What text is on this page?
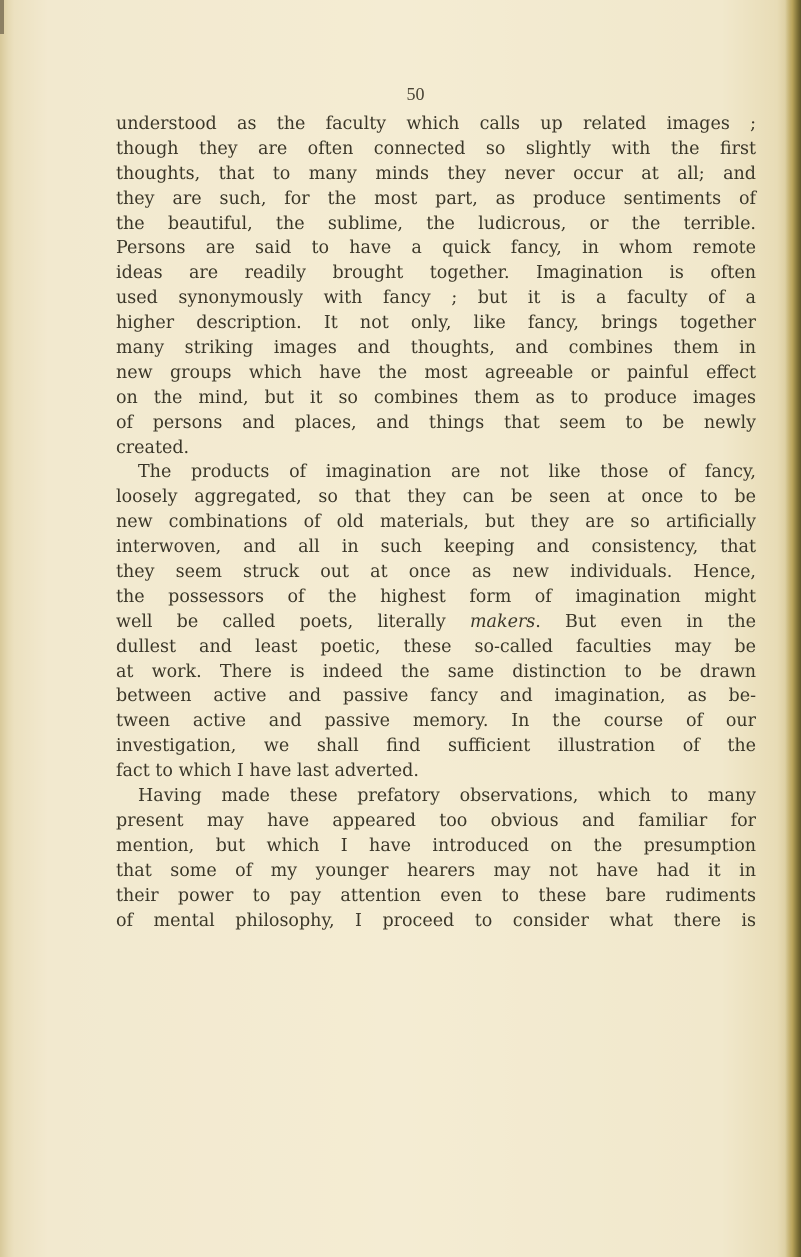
50
understood as the faculty which calls up related images ;
though they are often connected so slightly with the first
thoughts, that to many minds they never occur at all; and
they are such, for the most part, as produce sentiments of
the beautiful, the sublime, the ludicrous, or the terrible.
Persons are said to have a quick fancy, in whom remote
ideas are readily brought together. Imagination is often
used synonymously with fancy ; but it is a faculty of a
higher description. It not only, like fancy, brings together
many striking images and thoughts, and combines them in
new groups which have the most agreeable or painful effect
on the mind, but it so combines them as to produce images
of persons and places, and things that seem to be newly
created.
The products of imagination are not like those of fancy,
loosely aggregated, so that they can be seen at once to be
new combinations of old materials, but they are so artificially
interwoven, and all in such keeping and consistency, that
they seem struck out at once as new individuals. Hence,
the possessors of the highest form of imagination might
well be called poets, literally makers. But even in the
dullest and least poetic, these so-called faculties may be
at work. There is indeed the same distinction to be drawn
between active and passive fancy and imagination, as be-
tween active and passive memory. In the course of our
investigation, we shall find sufficient illustration of the
fact to which I have last adverted.
Having made these prefatory observations, which to many
present may have appeared too obvious and familiar for
mention, but which I have introduced on the presumption
that some of my younger hearers may not have had it in
their power to pay attention even to these bare rudiments
of mental philosophy, I proceed to consider what there is
